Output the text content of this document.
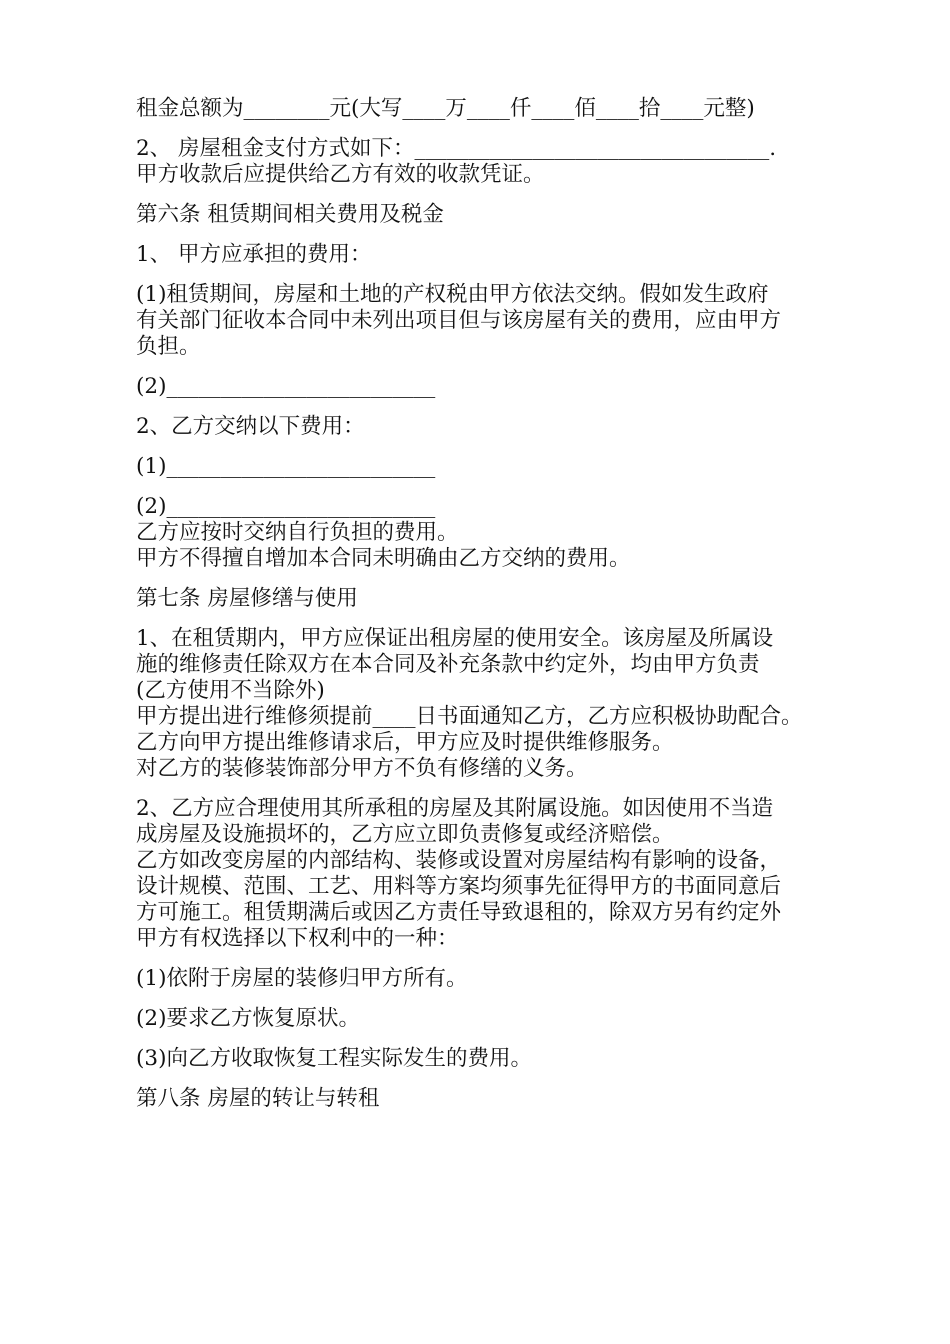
租金总额为________元(大写____万____仟____佰____拾____元整)
2、 房屋租金支付方式如下：_________________________________.
甲方收款后应提供给乙方有效的收款凭证。
第六条 租赁期间相关费用及税金
1、 甲方应承担的费用：
(1)租赁期间，房屋和土地的产权税由甲方依法交纳。假如发生政府
有关部门征收本合同中未列出项目但与该房屋有关的费用，应由甲方
负担。
(2)_________________________
2、乙方交纳以下费用：
(1)_________________________
(2)_________________________
乙方应按时交纳自行负担的费用。
甲方不得擅自增加本合同未明确由乙方交纳的费用。
第七条 房屋修缮与使用
1、在租赁期内，甲方应保证出租房屋的使用安全。该房屋及所属设
施的维修责任除双方在本合同及补充条款中约定外，均由甲方负责
(乙方使用不当除外)
甲方提出进行维修须提前____日书面通知乙方，乙方应积极协助配合。
乙方向甲方提出维修请求后，甲方应及时提供维修服务。
对乙方的装修装饰部分甲方不负有修缮的义务。
2、乙方应合理使用其所承租的房屋及其附属设施。如因使用不当造
成房屋及设施损坏的，乙方应立即负责修复或经济赔偿。
乙方如改变房屋的内部结构、装修或设置对房屋结构有影响的设备，
设计规模、范围、工艺、用料等方案均须事先征得甲方的书面同意后
方可施工。租赁期满后或因乙方责任导致退租的，除双方另有约定外
甲方有权选择以下权利中的一种：
(1)依附于房屋的装修归甲方所有。
(2)要求乙方恢复原状。
(3)向乙方收取恢复工程实际发生的费用。
第八条 房屋的转让与转租
